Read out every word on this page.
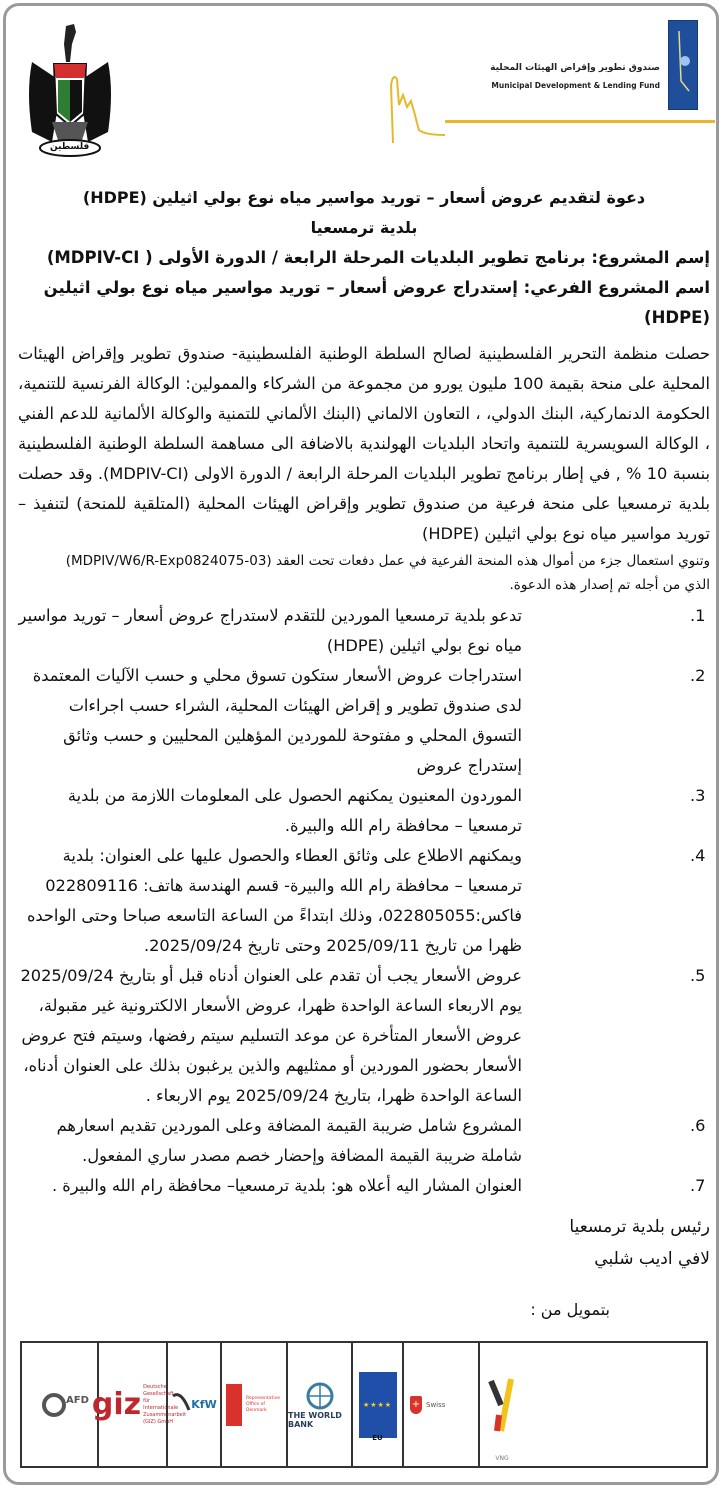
فلسطين
صندوق تطوير وإقراض الهيئات المحلية
Municipal Development & Lending Fund
دعوة لتقديم عروض أسعار – توريد مواسير مياه نوع بولي اثيلين (HDPE)
بلدية ترمسعيا
إسم المشروع: برنامج تطوير البلديات المرحلة الرابعة / الدورة الأولى ( MDPIV-CI)
اسم المشروع الفرعي: إستدراج عروض أسعار – توريد مواسير مياه نوع بولي اثيلين (HDPE)
حصلت منظمة التحرير الفلسطينية لصالح السلطة الوطنية الفلسطينية- صندوق تطوير وإقراض الهيئات المحلية على منحة بقيمة 100 مليون يورو من مجموعة من الشركاء والممولين: الوكالة الفرنسية للتنمية، الحكومة الدنماركية، البنك الدولي، ، التعاون الالماني (البنك الألماني للتمنية والوكالة الألمانية للدعم الفني ، الوكالة السويسرية للتنمية واتحاد البلديات الهولندية بالاضافة الى مساهمة السلطة الوطنية الفلسطينية بنسبة 10 % , في إطار برنامج تطوير البلديات المرحلة الرابعة / الدورة الاولى (MDPIV-CI). وقد حصلت بلدية ترمسعيا على منحة فرعية من صندوق تطوير وإقراض الهيئات المحلية (المتلقية للمنحة) لتنفيذ – توريد مواسير مياه نوع بولي اثيلين (HDPE)
وتنوي استعمال جزء من أموال هذه المنحة الفرعية في عمل دفعات تحت العقد (MDPIV/W6/R-Exp0824075-03)
الذي من أجله تم إصدار هذه الدعوة.
1.
تدعو بلدية ترمسعيا الموردين للتقدم لاستدراج عروض أسعار – توريد مواسير مياه نوع بولي اثيلين (HDPE)
2.
استدراجات عروض الأسعار ستكون تسوق محلي و حسب الآليات المعتمدة لدى صندوق تطوير و إقراض الهيئات المحلية، الشراء حسب اجراءات التسوق المحلي و مفتوحة للموردين المؤهلين المحليين و حسب وثائق إستدراج عروض
3.
الموردون المعنيون يمكنهم الحصول على المعلومات اللازمة من بلدية ترمسعيا – محافظة رام الله والبيرة.
4.
ويمكنهم الاطلاع على وثائق العطاء والحصول عليها على العنوان: بلدية ترمسعيا – محافظة رام الله والبيرة- قسم الهندسة هاتف: 022809116 فاكس:022805055، وذلك ابتداءً من الساعة التاسعه صباحا وحتى الواحده ظهرا من تاريخ 2025/09/11 وحتى تاريخ 2025/09/24.
5.
عروض الأسعار يجب أن تقدم على العنوان أدناه قبل أو بتاريخ 2025/09/24 يوم الاربعاء الساعة الواحدة ظهرا، عروض الأسعار الالكترونية غير مقبولة، عروض الأسعار المتأخرة عن موعد التسليم سيتم رفضها، وسيتم فتح عروض الأسعار بحضور الموردين أو ممثليهم والذين يرغبون بذلك على العنوان أدناه، الساعة الواحدة ظهرا، بتاريخ 2025/09/24 يوم الاربعاء .
6.
المشروع شامل ضريبة القيمة المضافة وعلى الموردين تقديم اسعارهم شاملة ضريبة القيمة المضافة وإحضار خصم مصدر ساري المفعول.
7.
العنوان المشار اليه أعلاه هو: بلدية ترمسعيا– محافظة رام الله والبيرة .
رئيس بلدية ترمسعيا
لافي اديب شلبي
بتمويل من :
AFD giz
Deutsche Gesellschaft für Internationale Zusammenarbeit (GIZ) GmbH
KfW	Representative Office of Denmark
THE WORLD BANK
★★★★
EU
+ Swiss
VNG
